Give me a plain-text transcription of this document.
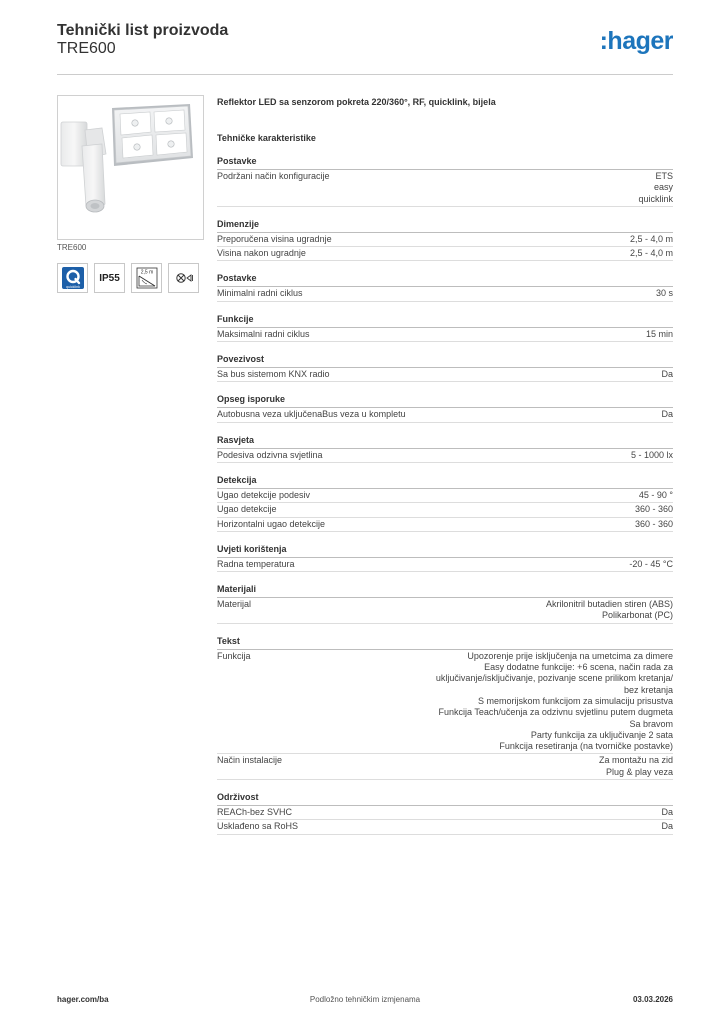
Tehnički list proizvoda
TRE600	:hager
TRE600
quicklink
IP55	2,5 m
Reflektor LED sa senzorom pokreta 220/360°, RF, quicklink, bijela
Tehničke karakteristike
Postavke
Podržani način konfiguracije	ETS
easy
quicklink
Dimenzije
Preporučena visina ugradnje	2,5 - 4,0 m
Visina nakon ugradnje	2,5 - 4,0 m
Postavke
Minimalni radni ciklus	30 s
Funkcije
Maksimalni radni ciklus	15 min
Povezivost
Sa bus sistemom KNX radio	Da
Opseg isporuke
Autobusna veza uključenaBus veza u kompletu	Da
Rasvjeta
Podesiva odzivna svjetlina	5 - 1000 lx
Detekcija
Ugao detekcije podesiv	45 - 90 °
Ugao detekcije	360 - 360
Horizontalni ugao detekcije	360 - 360
Uvjeti korištenja
Radna temperatura	-20 - 45 °C
Materijali
Materijal	Akrilonitril butadien stiren (ABS)
Polikarbonat (PC)
Tekst
Funkcija	Upozorenje prije isključenja na umetcima za dimere
Easy dodatne funkcije: +6 scena, način rada za
uključivanje/isključivanje, pozivanje scene prilikom kretanja/
bez kretanja
S memorijskom funkcijom za simulaciju prisustva
Funkcija Teach/učenja za odzivnu svjetlinu putem dugmeta
Sa bravom
Party funkcija za uključivanje 2 sata
Funkcija resetiranja (na tvorničke postavke)
Način instalacije	Za montažu na zid
Plug & play veza
Održivost
REACh-bez SVHC	Da
Usklađeno sa RoHS	Da
Podložno tehničkim izmjenama
hager.com/ba	03.03.2026
